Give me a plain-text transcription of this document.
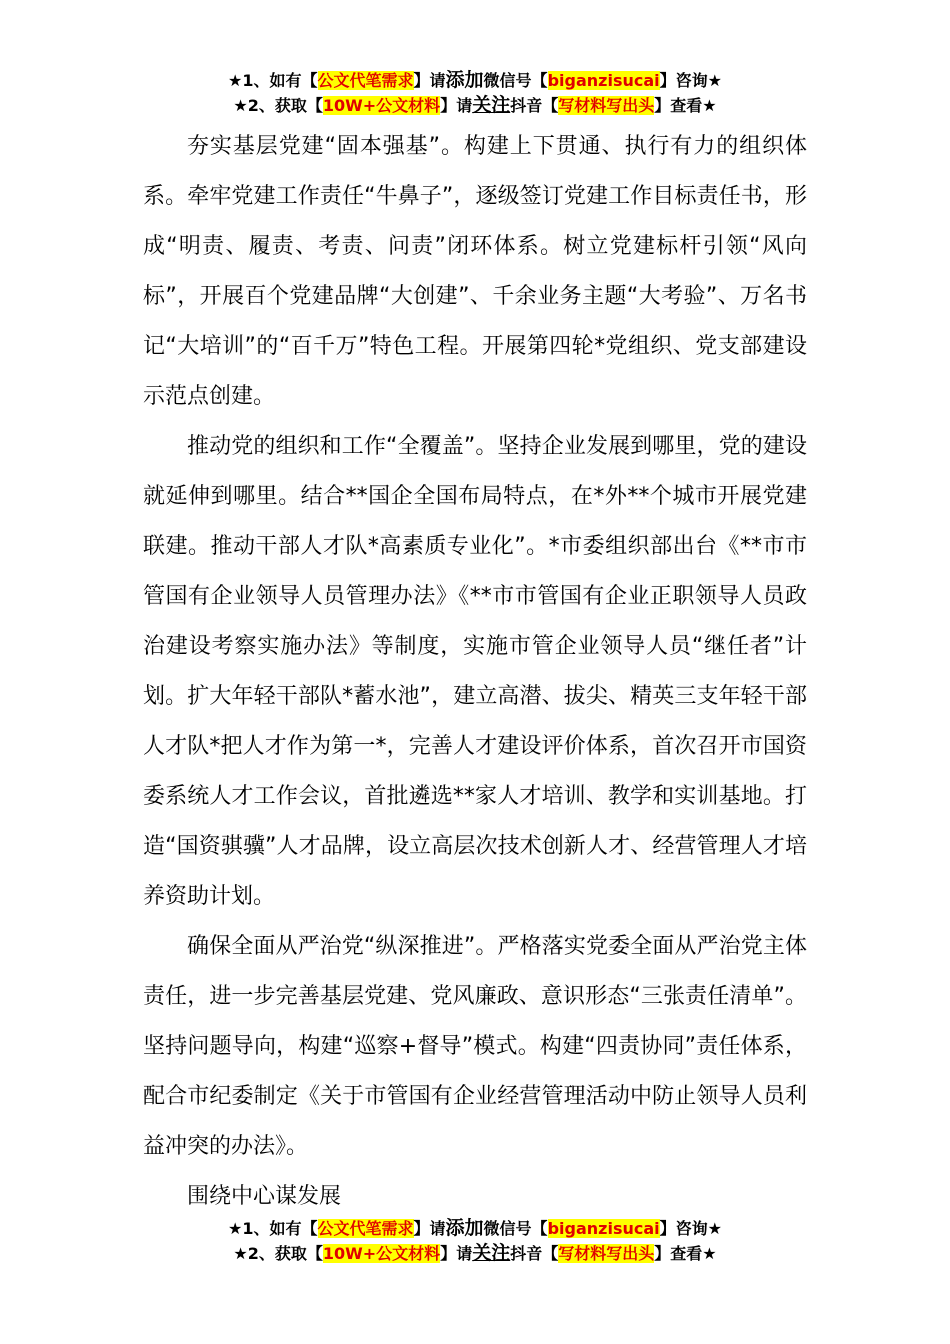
★1、如有【公文代笔需求】请添加微信号【biganzisucai】咨询★
★2、获取【10W+公文材料】请关注抖音【写材料写出头】查看★

夯实基层党建“固本强基”。构建上下贯通、执行有力的组织体系。牵牢党建工作责任“牛鼻子”，逐级签订党建工作目标责任书，形成“明责、履责、考责、问责”闭环体系。树立党建标杆引领“风向标”，开展百个党建品牌“大创建”、千余业务主题“大考验”、万名书记“大培训”的“百千万”特色工程。开展第四轮*党组织、党支部建设示范点创建。

推动党的组织和工作“全覆盖”。坚持企业发展到哪里，党的建设就延伸到哪里。结合**国企全国布局特点，在*外**个城市开展党建联建。推动干部人才队*高素质专业化”。*市委组织部出台《**市市管国有企业领导人员管理办法》《**市市管国有企业正职领导人员政治建设考察实施办法》等制度，实施市管企业领导人员“继任者”计划。扩大年轻干部队*蓄水池”，建立高潜、拔尖、精英三支年轻干部人才队*把人才作为第一*，完善人才建设评价体系，首次召开市国资委系统人才工作会议，首批遴选**家人才培训、教学和实训基地。打造“国资骐骥”人才品牌，设立高层次技术创新人才、经营管理人才培养资助计划。

确保全面从严治党“纵深推进”。严格落实党委全面从严治党主体责任，进一步完善基层党建、党风廉政、意识形态“三张责任清单”。坚持问题导向，构建“巡察+督导”模式。构建“四责协同”责任体系，配合市纪委制定《关于市管国有企业经营管理活动中防止领导人员利益冲突的办法》。

围绕中心谋发展

★1、如有【公文代笔需求】请添加微信号【biganzisucai】咨询★
★2、获取【10W+公文材料】请关注抖音【写材料写出头】查看★
